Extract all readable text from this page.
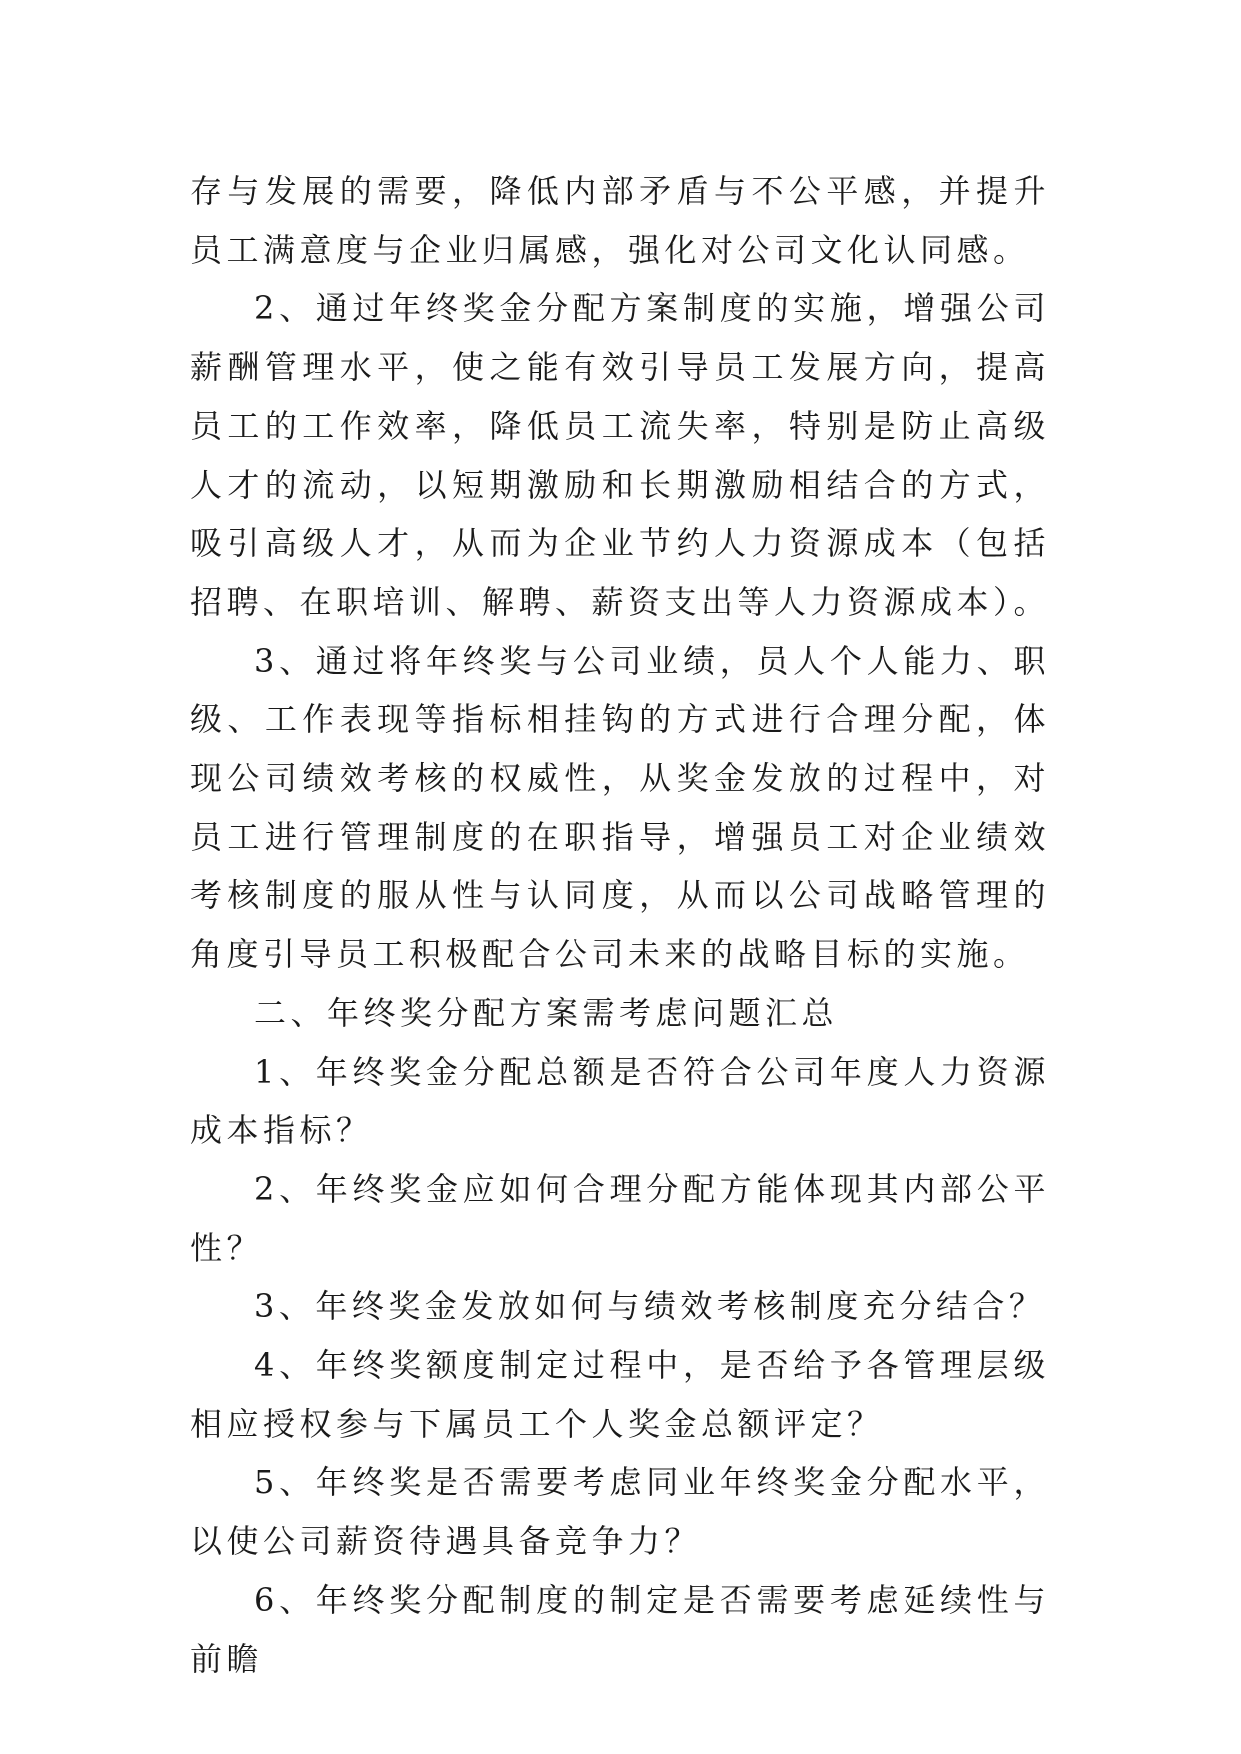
存与发展的需要，降低内部矛盾与不公平感，并提升员工满意度与企业归属感，强化对公司文化认同感。

2、通过年终奖金分配方案制度的实施，增强公司薪酬管理水平，使之能有效引导员工发展方向，提高员工的工作效率，降低员工流失率，特别是防止高级人才的流动，以短期激励和长期激励相结合的方式，吸引高级人才，从而为企业节约人力资源成本（包括招聘、在职培训、解聘、薪资支出等人力资源成本）。

3、通过将年终奖与公司业绩，员人个人能力、职级、工作表现等指标相挂钩的方式进行合理分配，体现公司绩效考核的权威性，从奖金发放的过程中，对员工进行管理制度的在职指导，增强员工对企业绩效考核制度的服从性与认同度，从而以公司战略管理的角度引导员工积极配合公司未来的战略目标的实施。

二、年终奖分配方案需考虑问题汇总

1、年终奖金分配总额是否符合公司年度人力资源成本指标？

2、年终奖金应如何合理分配方能体现其内部公平性？

3、年终奖金发放如何与绩效考核制度充分结合？

4、年终奖额度制定过程中，是否给予各管理层级相应授权参与下属员工个人奖金总额评定？

5、年终奖是否需要考虑同业年终奖金分配水平，以使公司薪资待遇具备竞争力？

6、年终奖分配制度的制定是否需要考虑延续性与前瞻
